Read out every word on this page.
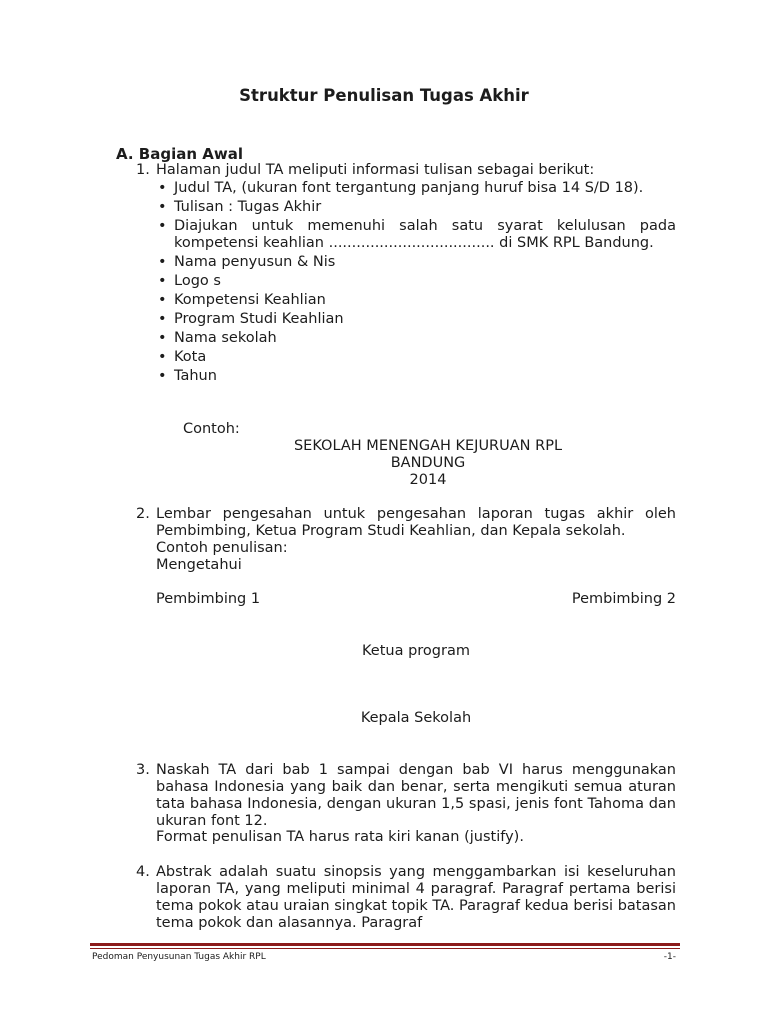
Struktur Penulisan Tugas Akhir
A. Bagian Awal
1. Halaman judul TA meliputi informasi tulisan sebagai berikut:
• Judul TA, (ukuran font tergantung panjang huruf bisa 14 S/D 18).
• Tulisan : Tugas Akhir
• Diajukan untuk memenuhi salah satu syarat kelulusan pada kompetensi keahlian .................................... di SMK RPL Bandung.
• Nama penyusun & Nis
• Logo s
• Kompetensi Keahlian
• Program Studi Keahlian
• Nama sekolah
• Kota
• Tahun
Contoh:
SEKOLAH MENENGAH KEJURUAN RPL
BANDUNG
2014
2. Lembar pengesahan untuk pengesahan laporan tugas akhir oleh Pembimbing, Ketua Program Studi Keahlian, dan Kepala sekolah.
Contoh penulisan:
Mengetahui
Pembimbing 1	Pembimbing 2
Ketua program
Kepala Sekolah
3. Naskah TA dari bab 1 sampai dengan bab VI harus menggunakan bahasa Indonesia yang baik dan benar, serta mengikuti semua aturan tata bahasa Indonesia, dengan ukuran 1,5 spasi, jenis font Tahoma dan ukuran font 12.
Format penulisan TA harus rata kiri kanan (justify).
4. Abstrak adalah suatu sinopsis yang menggambarkan isi keseluruhan laporan TA, yang meliputi minimal 4 paragraf. Paragraf pertama berisi tema pokok atau uraian singkat topik TA. Paragraf kedua berisi batasan tema pokok dan alasannya. Paragraf
Pedoman Penyusunan Tugas Akhir RPL	-1-
